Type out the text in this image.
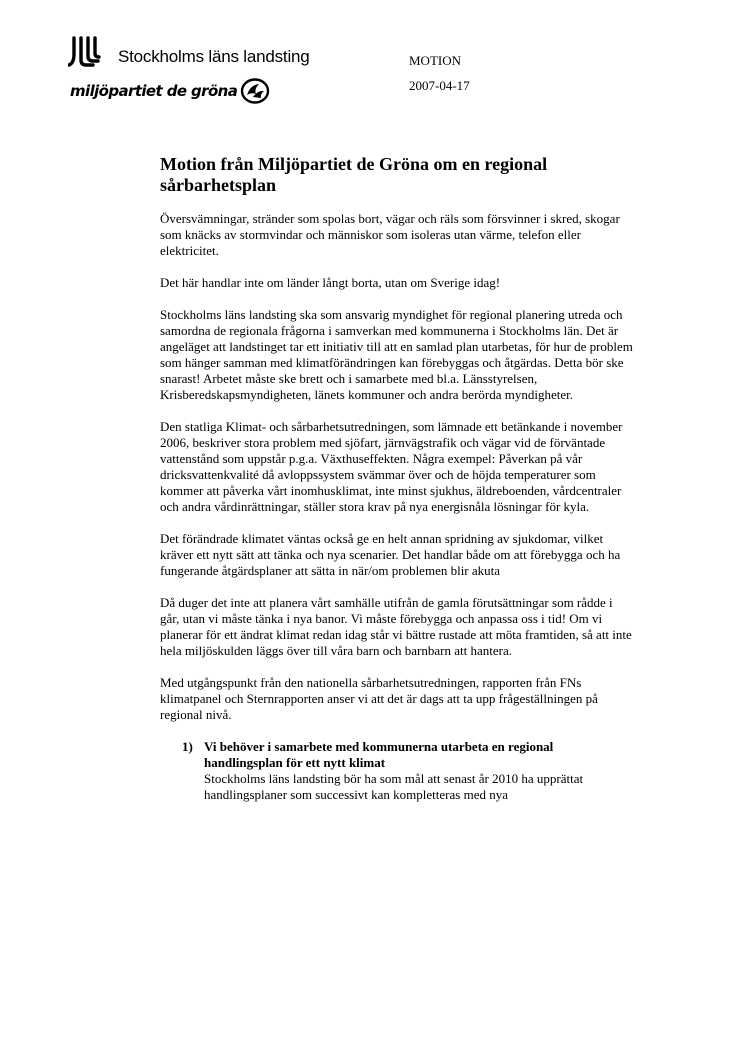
Stockholms läns landsting
miljöpartiet de gröna
MOTION
2007-04-17
Motion från Miljöpartiet de Gröna om en regional sårbarhetsplan

Översvämningar, stränder som spolas bort, vägar och räls som försvinner i skred, skogar som knäcks av stormvindar och människor som isoleras utan värme, telefon eller elektricitet.

Det här handlar inte om länder långt borta, utan om Sverige idag!

Stockholms läns landsting ska som ansvarig myndighet för regional planering utreda och samordna de regionala frågorna i samverkan med kommunerna i Stockholms län. Det är angeläget att landstinget tar ett initiativ till att en samlad plan utarbetas, för hur de problem som hänger samman med klimatförändringen kan förebyggas och åtgärdas. Detta bör ske snarast! Arbetet måste ske brett och i samarbete med bl.a. Länsstyrelsen, Krisberedskapsmyndigheten, länets kommuner och andra berörda myndigheter.

Den statliga Klimat- och sårbarhetsutredningen, som lämnade ett betänkande i november 2006, beskriver stora problem med sjöfart, järnvägstrafik och vägar vid de förväntade vattenstånd som uppstår p.g.a. Växthuseffekten. Några exempel: Påverkan på vår dricksvattenkvalité då avloppssystem svämmar över och de höjda temperaturer som kommer att påverka vårt inomhusklimat, inte minst sjukhus, äldreboenden, vårdcentraler och andra vårdinrättningar, ställer stora krav på nya energisnåla lösningar för kyla.

Det förändrade klimatet väntas också ge en helt annan spridning av sjukdomar, vilket kräver ett nytt sätt att tänka och nya scenarier. Det handlar både om att förebygga och ha fungerande åtgärdsplaner att sätta in när/om problemen blir akuta

Då duger det inte att planera vårt samhälle utifrån de gamla förutsättningar som rådde i går, utan vi måste tänka i nya banor. Vi måste förebygga och anpassa oss i tid! Om vi planerar för ett ändrat klimat redan idag står vi bättre rustade att möta framtiden, så att inte hela miljöskulden läggs över till våra barn och barnbarn att hantera.

Med utgångspunkt från den nationella sårbarhetsutredningen, rapporten från FNs klimatpanel och Sternrapporten anser vi att det är dags att ta upp frågeställningen på regional nivå.

1) Vi behöver i samarbete med kommunerna utarbeta en regional handlingsplan för ett nytt klimat
Stockholms läns landsting bör ha som mål att senast år 2010 ha upprättat handlingsplaner som successivt kan kompletteras med nya
